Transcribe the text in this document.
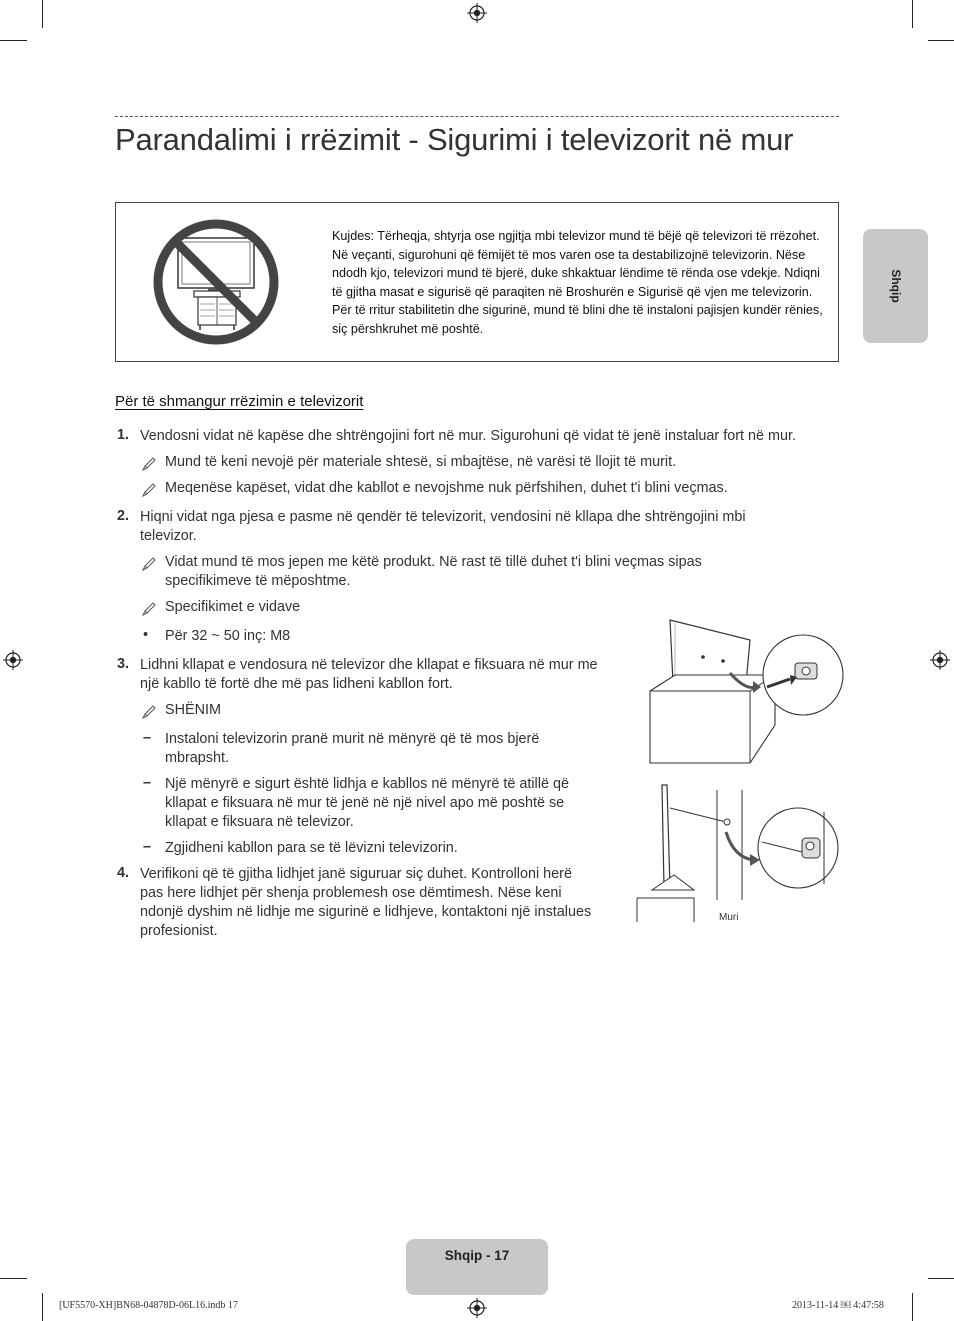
Parandalimi i rrëzimit - Sigurimi i televizorit në mur
Shqip
Kujdes: Tërheqja, shtyrja ose ngjitja mbi televizor mund të bëjë që televizori të rrëzohet. Në veçanti, sigurohuni që fëmijët të mos varen ose ta destabilizojnë televizorin. Nëse ndodh kjo, televizori mund të bjerë, duke shkaktuar lëndime të rënda ose vdekje. Ndiqni të gjitha masat e sigurisë që paraqiten në Broshurën e Sigurisë që vjen me televizorin. Për të rritur stabilitetin dhe sigurinë, mund të blini dhe të instaloni pajisjen kundër rënies, siç përshkruhet më poshtë.
Për të shmangur rrëzimin e televizorit
1. Vendosni vidat në kapëse dhe shtrëngojini fort në mur. Sigurohuni që vidat të jenë instaluar fort në mur.
Mund të keni nevojë për materiale shtesë, si mbajtëse, në varësi të llojit të murit.
Meqenëse kapëset, vidat dhe kabllot e nevojshme nuk përfshihen, duhet t'i blini veçmas.
2. Hiqni vidat nga pjesa e pasme në qendër të televizorit, vendosini në kllapa dhe shtrëngojini mbi televizor.
Vidat mund të mos jepen me këtë produkt. Në rast të tillë duhet t'i blini veçmas sipas specifikimeve të mëposhtme.
Specifikimet e vidave
• Për 32 ~ 50 inç: M8
3. Lidhni kllapat e vendosura në televizor dhe kllapat e fiksuara në mur me një kabllo të fortë dhe më pas lidheni kabllon fort.
SHËNIM
– Instaloni televizorin pranë murit në mënyrë që të mos bjerë mbrapsht.
– Një mënyrë e sigurt është lidhja e kabllos në mënyrë të atillë që kllapat e fiksuara në mur të jenë në një nivel apo më poshtë se kllapat e fiksuara në televizor.
– Zgjidheni kabllon para se të lëvizni televizorin.
4. Verifikoni që të gjitha lidhjet janë siguruar siç duhet. Kontrolloni herë pas here lidhjet për shenja problemesh ose dëmtimesh. Nëse keni ndonjë dyshim në lidhje me sigurinë e lidhjeve, kontaktoni një instalues profesionist.
Muri
Shqip - 17
[UF5570-XH]BN68-04878D-06L16.indb 17	2013-11-14 ￼ 4:47:58
